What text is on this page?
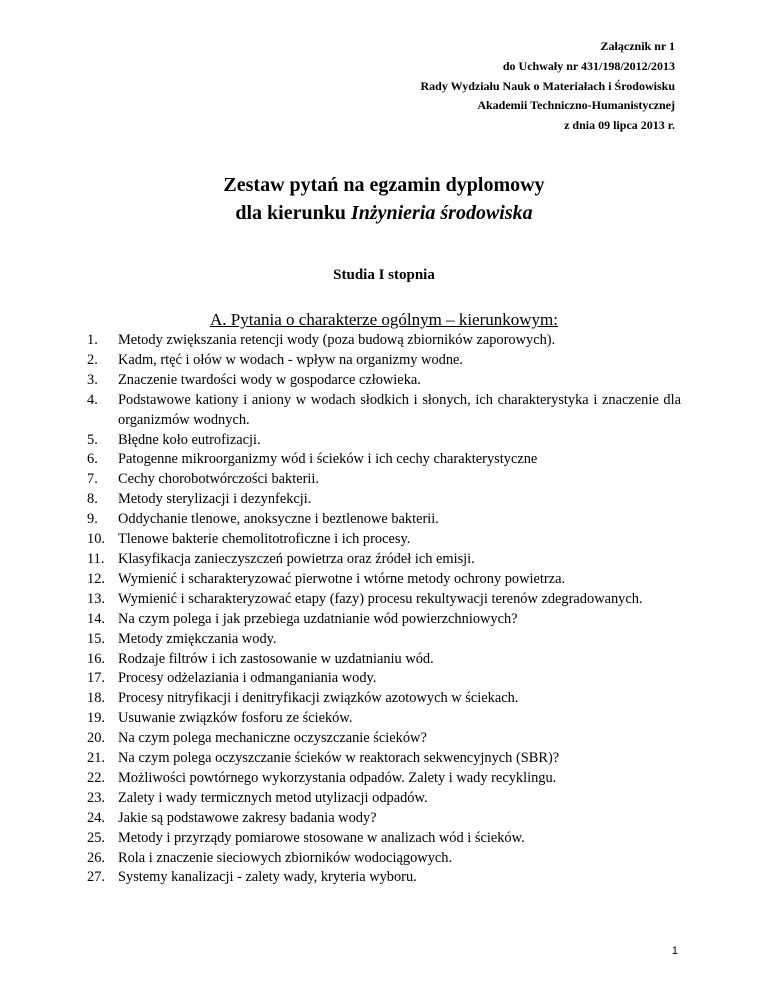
Załącznik nr 1
do Uchwały nr 431/198/2012/2013
Rady Wydziału Nauk o Materiałach i Środowisku
Akademii Techniczno-Humanistycznej
z dnia 09 lipca 2013 r.
Zestaw pytań na egzamin dyplomowy
dla kierunku Inżynieria środowiska
Studia I stopnia
A. Pytania o charakterze ogólnym – kierunkowym:
1.	Metody zwiększania retencji wody (poza budową zbiorników zaporowych).
2.	Kadm, rtęć i ołów w wodach - wpływ na organizmy wodne.
3.	Znaczenie twardości wody w gospodarce człowieka.
4.	Podstawowe kationy i aniony w wodach słodkich i słonych, ich charakterystyka i znaczenie dla organizmów wodnych.
5.	Błędne koło eutrofizacji.
6.	Patogenne mikroorganizmy wód i ścieków i ich cechy charakterystyczne
7.	Cechy chorobotwórczości bakterii.
8.	Metody sterylizacji i dezynfekcji.
9.	Oddychanie tlenowe, anoksyczne i beztlenowe bakterii.
10. Tlenowe bakterie chemolitotroficzne i ich procesy.
11. Klasyfikacja zanieczyszczeń powietrza oraz źródeł ich emisji.
12. Wymienić i scharakteryzować pierwotne i wtórne metody ochrony powietrza.
13. Wymienić i scharakteryzować etapy (fazy) procesu rekultywacji terenów zdegradowanych.
14. Na czym polega i jak przebiega uzdatnianie wód powierzchniowych?
15. Metody zmiękczania wody.
16. Rodzaje filtrów i ich zastosowanie w uzdatnianiu wód.
17. Procesy odżelaziania i odmanganiania wody.
18. Procesy nitryfikacji i denitryfikacji związków azotowych w ściekach.
19. Usuwanie związków fosforu ze ścieków.
20. Na czym polega mechaniczne oczyszczanie ścieków?
21. Na czym polega oczyszczanie ścieków w reaktorach sekwencyjnych (SBR)?
22. Możliwości powtórnego wykorzystania odpadów. Zalety i wady recyklingu.
23. Zalety i wady termicznych metod utylizacji odpadów.
24. Jakie są podstawowe zakresy badania wody?
25. Metody i przyrządy pomiarowe stosowane w analizach wód i ścieków.
26. Rola i znaczenie sieciowych zbiorników wodociągowych.
27. Systemy kanalizacji - zalety wady, kryteria wyboru.
1
